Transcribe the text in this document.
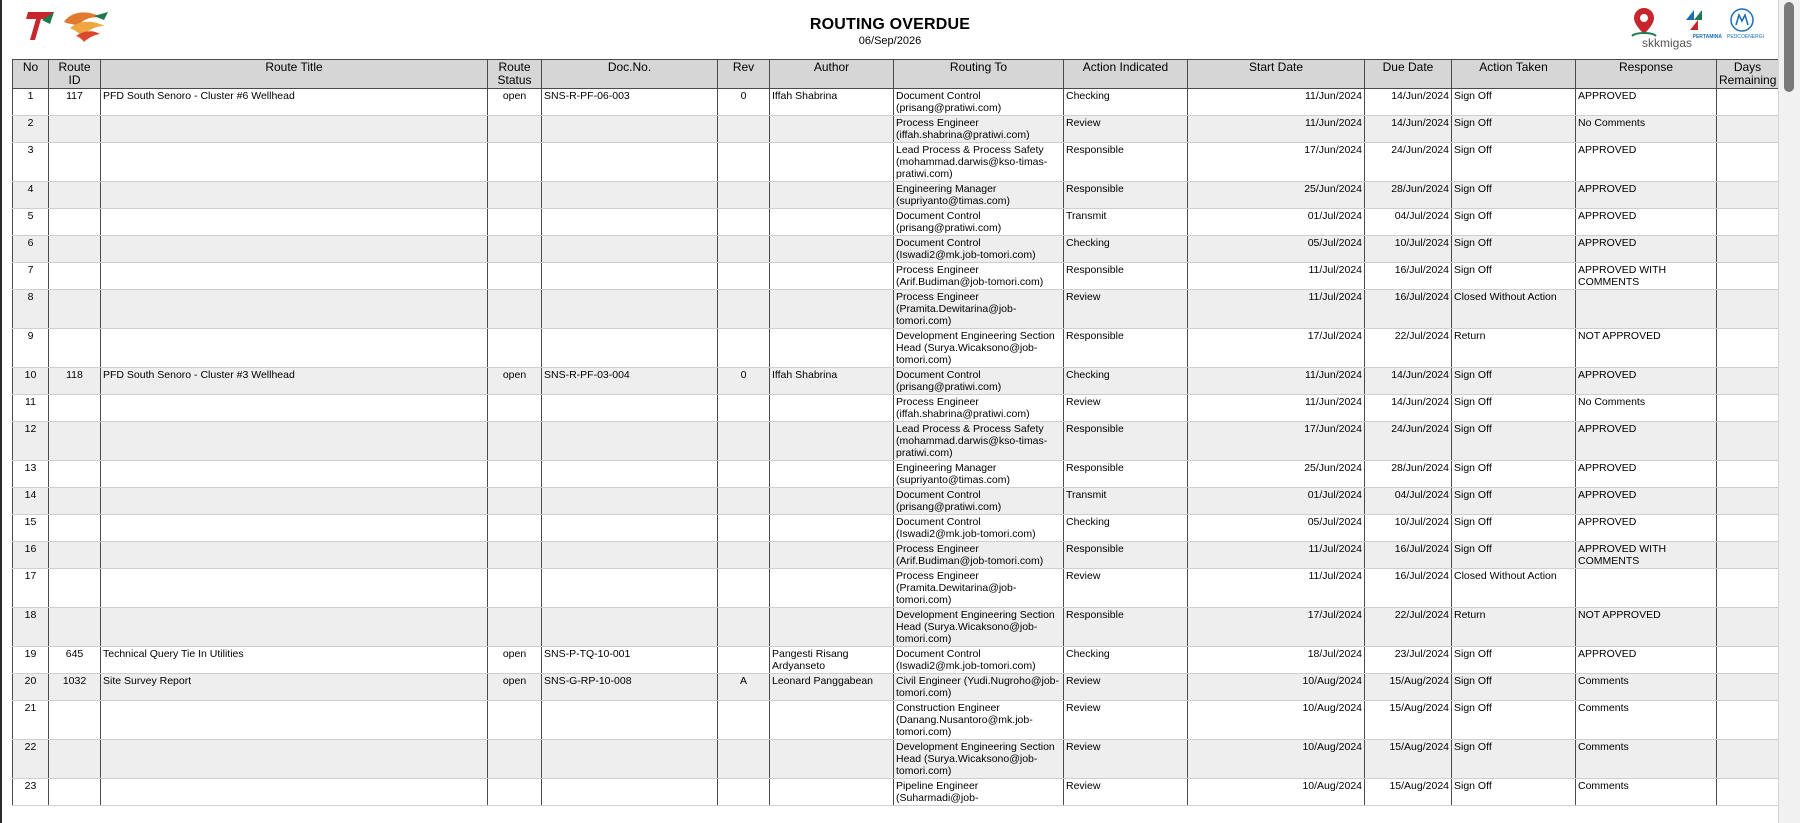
ROUTING OVERDUE
06/Sep/2026	skkmigas PERTAMINA PEDCOENERGI
No	Route ID	Route Title	Route Status	Doc.No.	Rev	Author	Routing To	Action Indicated	Start Date	Due Date	Action Taken	Response	Days Remaining
1	117	PFD South Senoro - Cluster #6 Wellhead	open	SNS-R-PF-06-003	0	Iffah Shabrina	Document Control (prisang@pratiwi.com)	Checking	11/Jun/2024	14/Jun/2024	Sign Off	APPROVED	
2							Process Engineer (iffah.shabrina@pratiwi.com)	Review	11/Jun/2024	14/Jun/2024	Sign Off	No Comments	
3							Lead Process & Process Safety (mohammad.darwis@kso-timas-pratiwi.com)	Responsible	17/Jun/2024	24/Jun/2024	Sign Off	APPROVED	
4							Engineering Manager (supriyanto@timas.com)	Responsible	25/Jun/2024	28/Jun/2024	Sign Off	APPROVED	
5							Document Control (prisang@pratiwi.com)	Transmit	01/Jul/2024	04/Jul/2024	Sign Off	APPROVED	
6							Document Control (Iswadi2@mk.job-tomori.com)	Checking	05/Jul/2024	10/Jul/2024	Sign Off	APPROVED	
7							Process Engineer (Arif.Budiman@job-tomori.com)	Responsible	11/Jul/2024	16/Jul/2024	Sign Off	APPROVED WITH COMMENTS	
8							Process Engineer (Pramita.Dewitarina@job-tomori.com)	Review	11/Jul/2024	16/Jul/2024	Closed Without Action		
9							Development Engineering Section Head (Surya.Wicaksono@job-tomori.com)	Responsible	17/Jul/2024	22/Jul/2024	Return	NOT APPROVED	
10	118	PFD South Senoro - Cluster #3 Wellhead	open	SNS-R-PF-03-004	0	Iffah Shabrina	Document Control (prisang@pratiwi.com)	Checking	11/Jun/2024	14/Jun/2024	Sign Off	APPROVED	
11							Process Engineer (iffah.shabrina@pratiwi.com)	Review	11/Jun/2024	14/Jun/2024	Sign Off	No Comments	
12							Lead Process & Process Safety (mohammad.darwis@kso-timas-pratiwi.com)	Responsible	17/Jun/2024	24/Jun/2024	Sign Off	APPROVED	
13							Engineering Manager (supriyanto@timas.com)	Responsible	25/Jun/2024	28/Jun/2024	Sign Off	APPROVED	
14							Document Control (prisang@pratiwi.com)	Transmit	01/Jul/2024	04/Jul/2024	Sign Off	APPROVED	
15							Document Control (Iswadi2@mk.job-tomori.com)	Checking	05/Jul/2024	10/Jul/2024	Sign Off	APPROVED	
16							Process Engineer (Arif.Budiman@job-tomori.com)	Responsible	11/Jul/2024	16/Jul/2024	Sign Off	APPROVED WITH COMMENTS	
17							Process Engineer (Pramita.Dewitarina@job-tomori.com)	Review	11/Jul/2024	16/Jul/2024	Closed Without Action		
18							Development Engineering Section Head (Surya.Wicaksono@job-tomori.com)	Responsible	17/Jul/2024	22/Jul/2024	Return	NOT APPROVED	
19	645	Technical Query Tie In Utilities	open	SNS-P-TQ-10-001		Pangesti Risang Ardyanseto	Document Control (Iswadi2@mk.job-tomori.com)	Checking	18/Jul/2024	23/Jul/2024	Sign Off	APPROVED	
20	1032	Site Survey Report	open	SNS-G-RP-10-008	A	Leonard Panggabean	Civil Engineer (Yudi.Nugroho@job-tomori.com)	Review	10/Aug/2024	15/Aug/2024	Sign Off	Comments	
21							Construction Engineer (Danang.Nusantoro@mk.job-tomori.com)	Review	10/Aug/2024	15/Aug/2024	Sign Off	Comments	
22							Development Engineering Section Head (Surya.Wicaksono@job-tomori.com)	Review	10/Aug/2024	15/Aug/2024	Sign Off	Comments	
23							Pipeline Engineer (Suharmadi@job-	Review	10/Aug/2024	15/Aug/2024	Sign Off	Comments	
